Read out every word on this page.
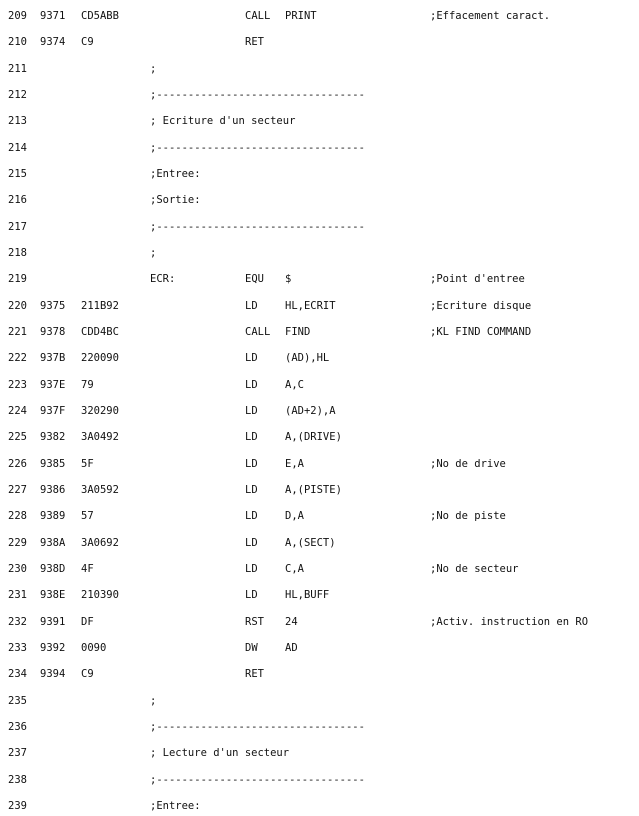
209 9371 CD5ABB	CALL PRINT	;Effacement caract.
210 9374 C9	RET
211	;
212	;---------------------------------
213	; Ecriture d'un secteur
214	;---------------------------------
215	;Entree:
216	;Sortie:
217	;---------------------------------
218	;
219	ECR:	EQU $	;Point d'entree
220 9375 211B92	LD	HL,ECRIT	;Ecriture disque
221 9378 CDD4BC	CALL FIND	;KL FIND COMMAND
222 937B 220090	LD	(AD),HL
223 937E 79	LD	A,C
224 937F 320290	LD	(AD+2),A
225 9382 3A0492	LD	A,(DRIVE)
226 9385 5F	LD	E,A	;No de drive
227 9386 3A0592	LD	A,(PISTE)
228 9389 57	LD	D,A	;No de piste
229 938A 3A0692	LD	A,(SECT)
230 938D 4F	LD	C,A	;No de secteur
231 938E 210390	LD	HL,BUFF
232 9391 DF	RST 24	;Activ. instruction en RO
233 9392 0090	DW	AD
234 9394 C9	RET
235	;
236	;---------------------------------
237	; Lecture d'un secteur
238	;---------------------------------
239	;Entree:
